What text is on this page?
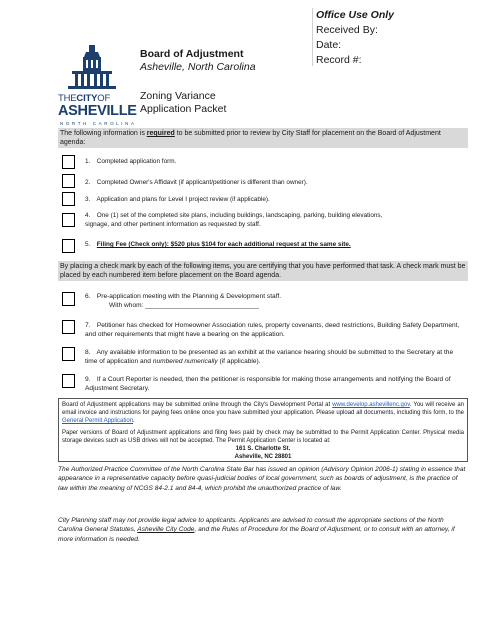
Office Use Only
Received By:
Date:
Record #:
THECITYOF
ASHEVILLE
NORTH CAROLINA
Board of Adjustment
Asheville, North Carolina
Zoning Variance
Application Packet
The following information is required to be submitted prior to review by City Staff for placement on the Board of Adjustment agenda:
1. Completed application form.
2. Completed Owner's Affidavit (if applicant/petitioner is different than owner).
3. Application and plans for Level I project review (if applicable).
4. One (1) set of the completed site plans, including buildings, landscaping, parking, building elevations, signage, and other pertinent information as requested by staff.
5. Filing Fee (Check only): $520 plus $104 for each additional request at the same site.
By placing a check mark by each of the following items, you are certifying that you have performed that task. A check mark must be placed by each numbered item before placement on the Board agenda.
6. Pre-application meeting with the Planning & Development staff.
With whom: _______________________________
7. Petitioner has checked for Homeowner Association rules, property covenants, deed restrictions, Building Safety Department, and other requirements that might have a bearing on the application.
8. Any available information to be presented as an exhibit at the variance hearing should be submitted to the Secretary at the time of application and numbered numerically (if applicable).
9. If a Court Reporter is needed, then the petitioner is responsible for making those arrangements and notifying the Board of Adjustment Secretary.

Board of Adjustment applications may be submitted online through the City's Development Portal at www.develop.ashevillenc.gov. You will receive an email invoice and instructions for paying fees online once you have submitted your application. Please upload all documents, including this form, to the General Permit Application.

Paper versions of Board of Adjustment applications and filing fees paid by check may be submitted to the Permit Application Center. Physical media storage devices such as USB drives will not be accepted. The Permit Application Center is located at:

161 S. Charlotte St.

Asheville, NC 28801

The Authorized Practice Committee of the North Carolina State Bar has issued an opinion (Advisory Opinion 2006-1) stating in essence that appearance in a representative capacity before quasi-judicial bodies of local government, such as boards of adjustment, is the practice of law within the meaning of NCGS 84-2.1 and 84-4, which prohibit the unauthorized practice of law.
City Planning staff may not provide legal advice to applicants. Applicants are advised to consult the appropriate sections of the North Carolina General Statutes, Asheville City Code, and the Rules of Procedure for the Board of Adjustment, or to consult with an attorney, if more information is needed.
